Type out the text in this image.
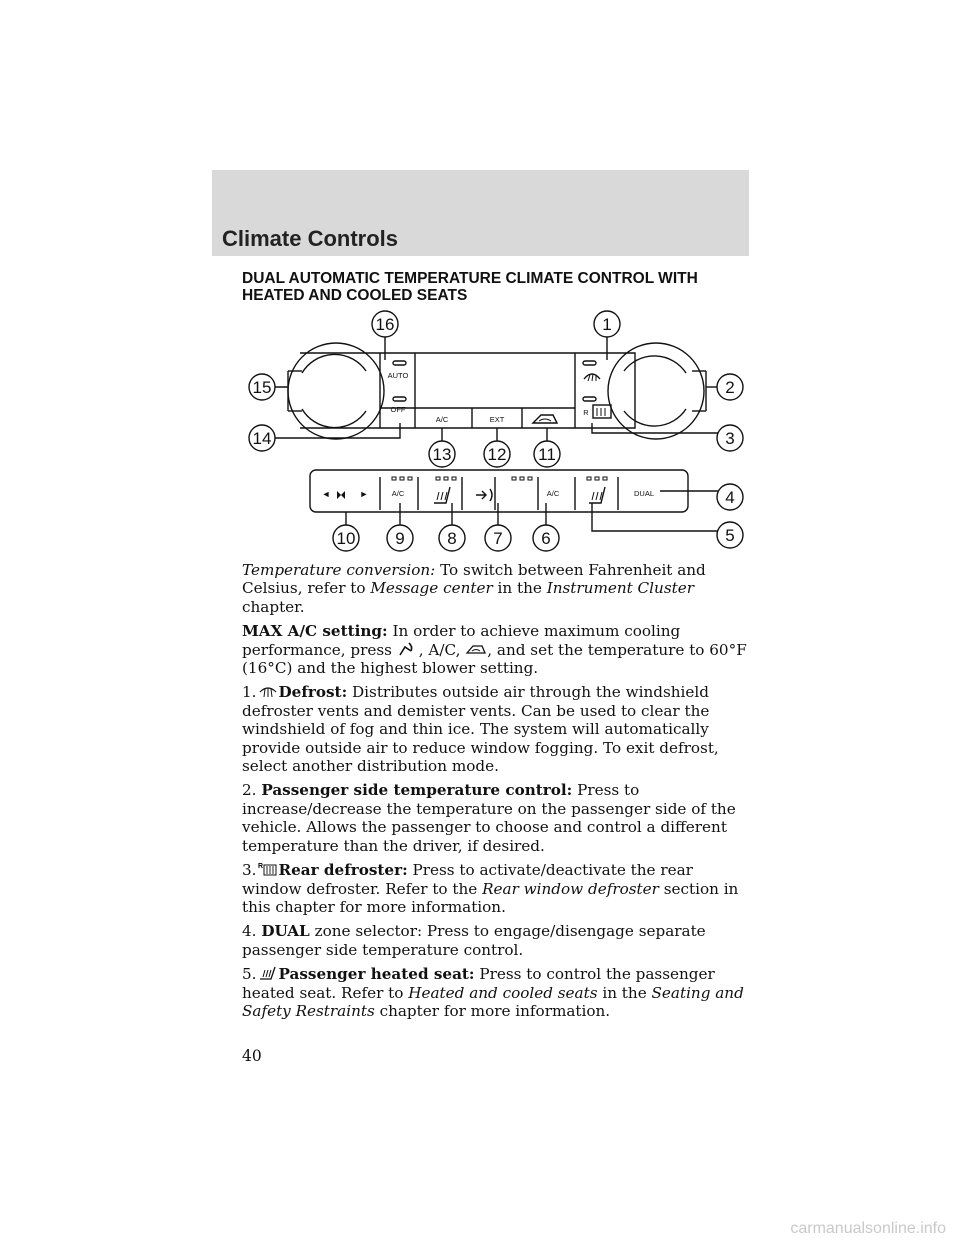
Climate Controls
DUAL AUTOMATIC TEMPERATURE CLIMATE CONTROL WITH HEATED AND COOLED SEATS
16	1
15	2
14	3
13 12 11
4
5
10 9	8 7 6
AUTO
OFF
A/C	EXT
R
A/C	A/C	DUAL
◄	►

Temperature conversion: To switch between Fahrenheit and Celsius, refer to Message center in the Instrument Cluster chapter.

MAX A/C setting: In order to achieve maximum cooling performance, press , A/C, , and set the temperature to 60°F (16°C) and the highest blower setting.

1. Defrost: Distributes outside air through the windshield defroster vents and demister vents. Can be used to clear the windshield of fog and thin ice. The system will automatically provide outside air to reduce window fogging. To exit defrost, select another distribution mode.

2. Passenger side temperature control: Press to increase/decrease the temperature on the passenger side of the vehicle. Allows the passenger to choose and control a different temperature than the driver, if desired.

3. R Rear defroster: Press to activate/deactivate the rear window defroster. Refer to the Rear window defroster section in this chapter for more information.

4. DUAL zone selector: Press to engage/disengage separate passenger side temperature control.

5. Passenger heated seat: Press to control the passenger heated seat. Refer to Heated and cooled seats in the Seating and Safety Restraints chapter for more information.

40
carmanualsonline.info
